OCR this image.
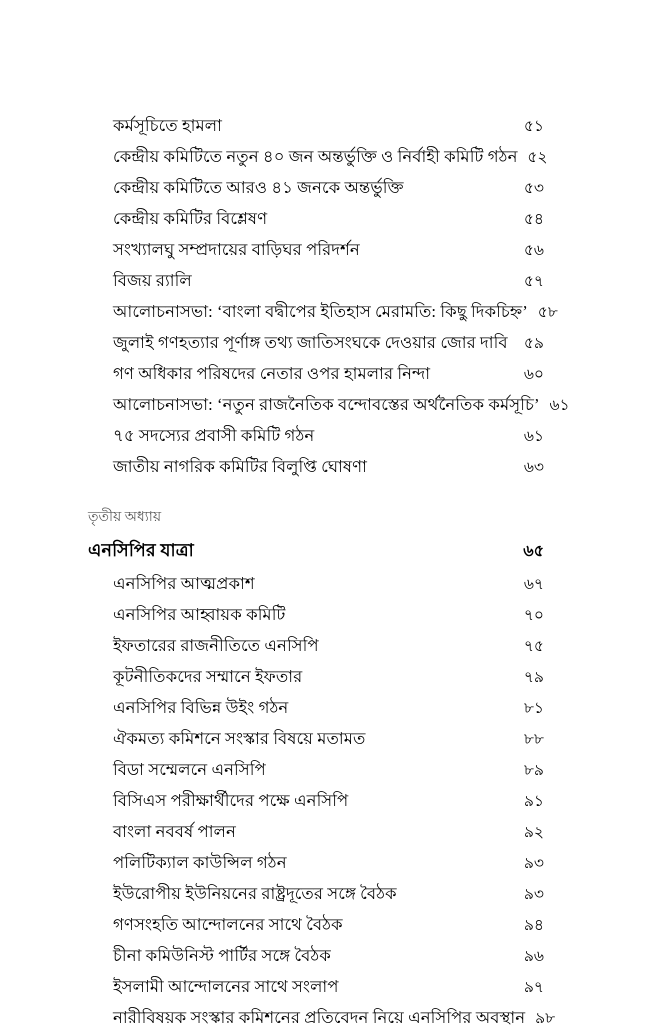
কর্মসূচিতে হামলা	৫১
কেন্দ্রীয় কমিটিতে নতুন ৪০ জন অন্তর্ভুক্তি ও নির্বাহী কমিটি গঠন ৫২
কেন্দ্রীয় কমিটিতে আরও ৪১ জনকে অন্তর্ভুক্তি	৫৩
কেন্দ্রীয় কমিটির বিশ্লেষণ	৫৪
সংখ্যালঘু সম্প্রদায়ের বাড়িঘর পরিদর্শন	৫৬
বিজয় র‍্যালি	৫৭
আলোচনাসভা: ‘বাংলা বদ্বীপের ইতিহাস মেরামতি: কিছু দিকচিহ্ন’ ৫৮
জুলাই গণহত্যার পূর্ণাঙ্গ তথ্য জাতিসংঘকে দেওয়ার জোর দাবি	৫৯
গণ অধিকার পরিষদের নেতার ওপর হামলার নিন্দা	৬০
আলোচনাসভা: ‘নতুন রাজনৈতিক বন্দোবস্তের অর্থনৈতিক কর্মসূচি’ ৬১
৭৫ সদস্যের প্রবাসী কমিটি গঠন	৬১
জাতীয় নাগরিক কমিটির বিলুপ্তি ঘোষণা	৬৩
তৃতীয় অধ্যায়
এনসিপির যাত্রা	৬৫
এনসিপির আত্মপ্রকাশ	৬৭
এনসিপির আহ্বায়ক কমিটি	৭০
ইফতারের রাজনীতিতে এনসিপি	৭৫
কূটনীতিকদের সম্মানে ইফতার	৭৯
এনসিপির বিভিন্ন উইং গঠন	৮১
ঐকমত্য কমিশনে সংস্কার বিষয়ে মতামত	৮৮
বিডা সম্মেলনে এনসিপি	৮৯
বিসিএস পরীক্ষার্থীদের পক্ষে এনসিপি	৯১
বাংলা নববর্ষ পালন	৯২
পলিটিক্যাল কাউন্সিল গঠন	৯৩
ইউরোপীয় ইউনিয়নের রাষ্ট্রদূতের সঙ্গে বৈঠক	৯৩
গণসংহতি আন্দোলনের সাথে বৈঠক	৯৪
চীনা কমিউনিস্ট পার্টির সঙ্গে বৈঠক	৯৬
ইসলামী আন্দোলনের সাথে সংলাপ	৯৭
নারীবিষয়ক সংস্কার কমিশনের প্রতিবেদন নিয়ে এনসিপির অবস্থান ৯৮
